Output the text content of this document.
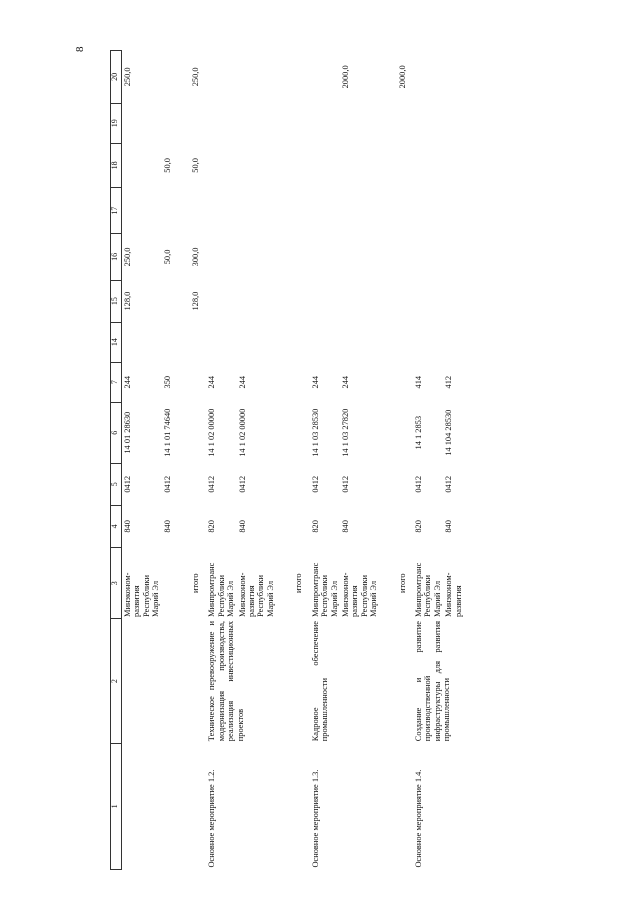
8
1	2	3	4	5	6	7	14	15	16	17	18	19	20
		Минэконом-развития Республики Марий Эл	840	0412	14 01 28630	244		128,0	250,0				250,0
			840	0412	14 1 01 74640	350			50,0		50,0		
		итого						128,0	300,0		50,0		250,0
Основное мероприятие 1.2.	Техническое перевооружение и модернизация производства, реализация инвестиционных проектов	Минпромтранс Республики Марий Эл	820	0412	14 1 02 00000	244							
		Минэконом-развития Республики Марий Эл	840	0412	14 1 02 00000	244							
		итого											
Основное мероприятие 1.3.	Кадровое обеспечение промышленности	Минпромтранс Республики Марий Эл	820	0412	14 1 03 28530	244							
		Минэконом-развития Республики Марий Эл	840	0412	14 1 03 27820	244							2000,0
		итого											2000,0
Основное мероприятие 1.4.	Создание и развитие производственной инфраструктуры для развития промышленности	Минпромтранс Республики Марий Эл	820	0412	14 1 2853	414							
		Минэконом-развития	840	0412	14 104 28530	412							
